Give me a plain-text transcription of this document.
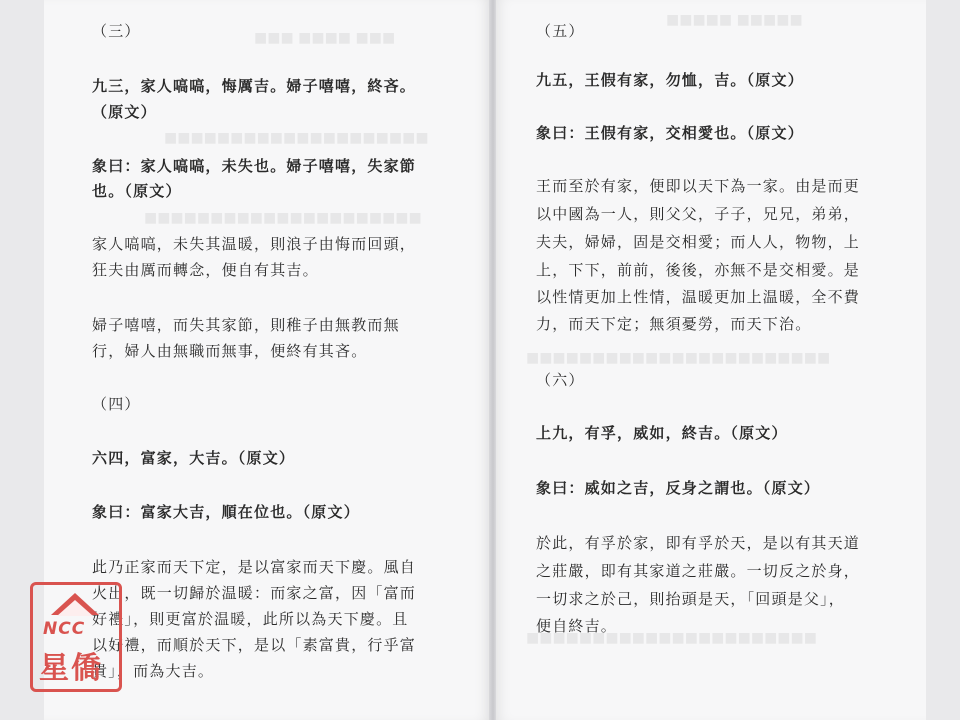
■■■ ■■■■ ■■■
■■■■■■■■■■■■■■■■■■■■
■■■■■■■■■■■■■■■■■■■■■
（三）
九三，家人嗃嗃，悔厲吉。婦子嘻嘻，終吝。
（原文）
象曰：家人嗃嗃，未失也。婦子嘻嘻，失家節
也。（原文）
家人嗃嗃，未失其温暖，則浪子由悔而回頭，
狂夫由厲而轉念，便自有其吉。
婦子嘻嘻，而失其家節，則稚子由無教而無
行，婦人由無職而無事，便終有其吝。
（四）
六四，富家，大吉。（原文）
象曰：富家大吉，順在位也。（原文）
此乃正家而天下定，是以富家而天下慶。風自
火出，既一切歸於温暖：而家之富，因「富而
好禮」，則更富於温暖，此所以為天下慶。且
以好禮，而順於天下，是以「素富貴，行乎富
貴」，而為大吉。
■■■■■ ■■■■■
■■■■■■■■■■■■■■■■■■■■■■■
■■■■■■■■■■■■■■■■■■■■■■
（五）
九五，王假有家，勿恤，吉。（原文）
象曰：王假有家，交相愛也。（原文）
王而至於有家，便即以天下為一家。由是而更
以中國為一人，則父父，子子，兄兄，弟弟，
夫夫，婦婦，固是交相愛；而人人，物物，上
上，下下，前前，後後，亦無不是交相愛。是
以性情更加上性情，温暖更加上温暖，全不費
力，而天下定；無須憂勞，而天下治。
（六）
上九，有孚，威如，終吉。（原文）
象曰：威如之吉，反身之謂也。（原文）
於此，有孚於家，即有孚於天，是以有其天道
之莊嚴，即有其家道之莊嚴。一切反之於身，
一切求之於己，則抬頭是天，「回頭是父」，
便自終吉。
NCC
星僑
